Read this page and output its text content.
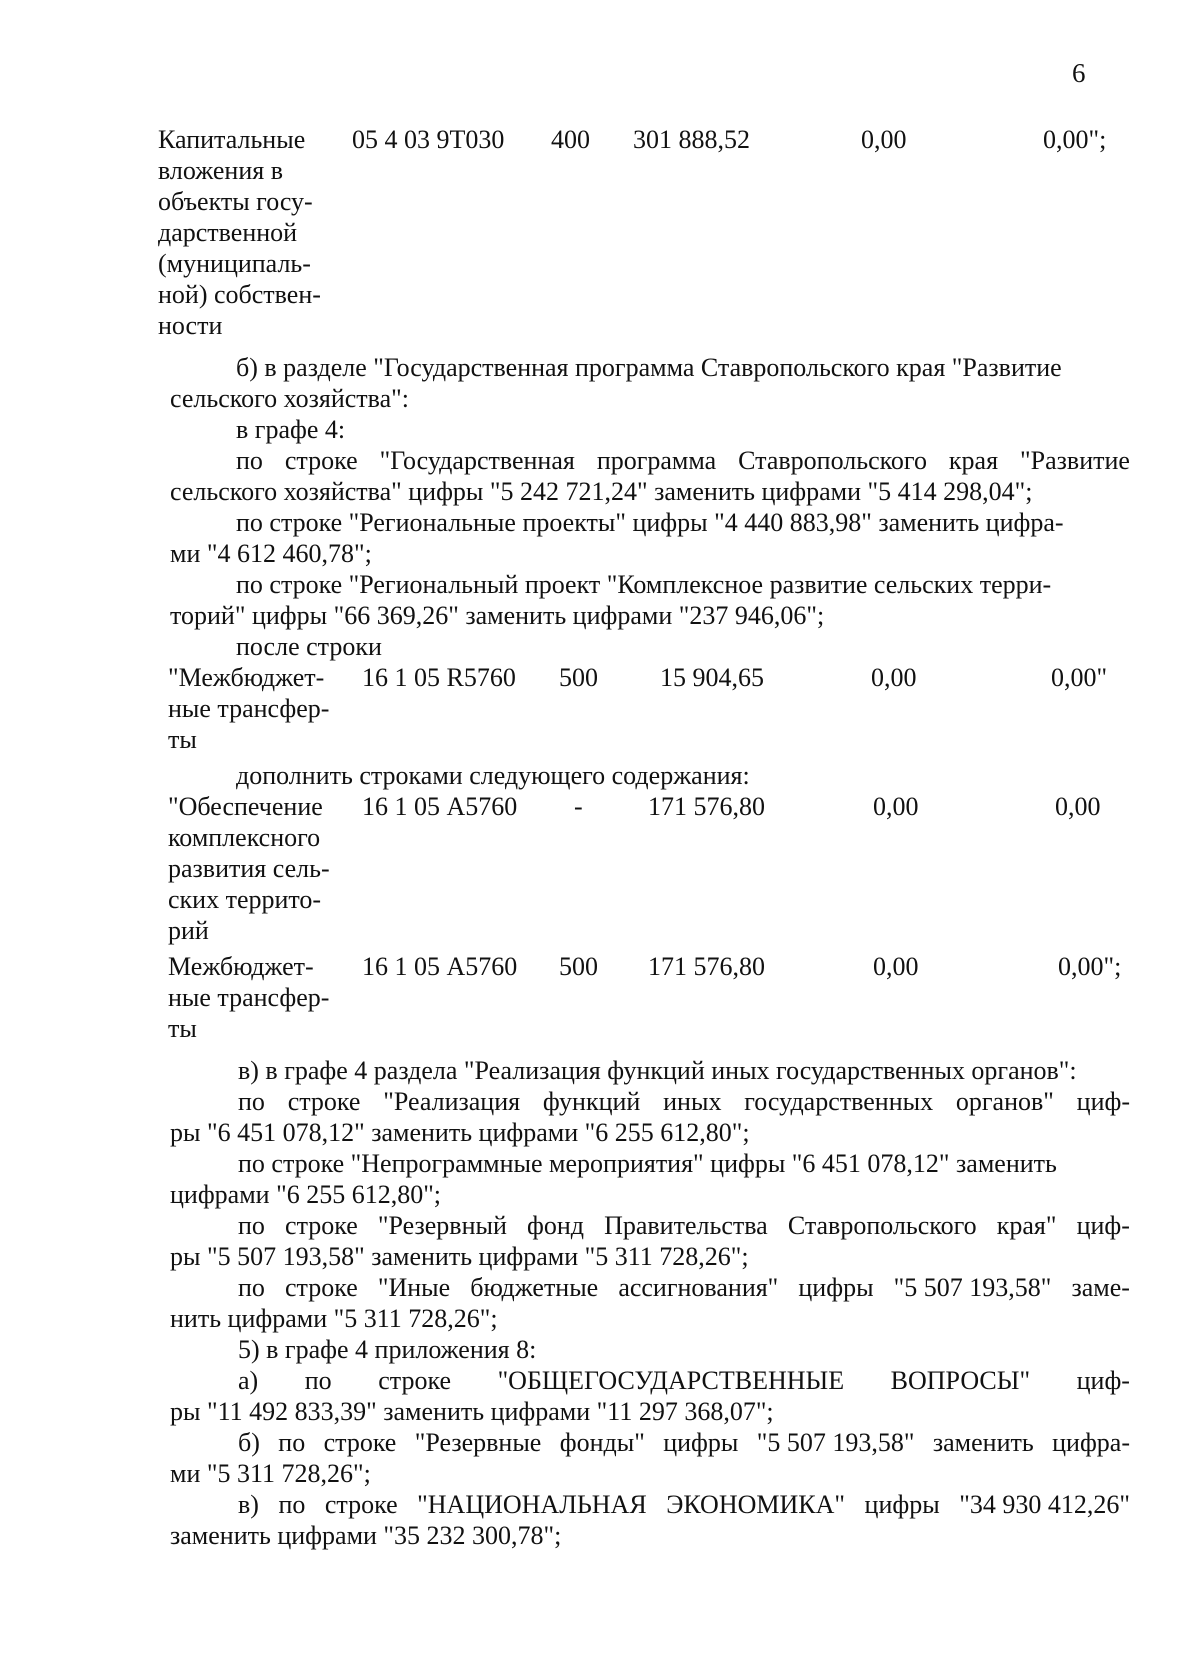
6
Капитальные
вложения в
объекты госу-
дарственной
(муниципаль-
ной) собствен-
ности
05 4 03 9Т030 400 301 888,52	0,00	0,00";
б) в разделе "Государственная программа Ставропольского края "Развитие
сельского хозяйства":
в графе 4:
по строке "Государственная программа Ставропольского края "Развитие
сельского хозяйства" цифры "5 242 721,24" заменить цифрами "5 414 298,04";
по строке "Региональные проекты" цифры "4 440 883,98" заменить цифра-
ми "4 612 460,78";
по строке "Региональный проект "Комплексное развитие сельских терри-
торий" цифры "66 369,26" заменить цифрами "237 946,06";
после строки
"Межбюджет-
ные трансфер-
ты
16 1 05 R5760 500 15 904,65	0,00	0,00"
дополнить строками следующего содержания:
"Обеспечение
комплексного
развития сель-
ских террито-
рий
16 1 05 А5760 -	171 576,80	0,00	0,00
Межбюджет-
ные трансфер-
ты
16 1 05 А5760 500 171 576,80	0,00	0,00";
в) в графе 4 раздела "Реализация функций иных государственных органов":
по строке "Реализация функций иных государственных органов" циф-
ры "6 451 078,12" заменить цифрами "6 255 612,80";
по строке "Непрограммные мероприятия" цифры "6 451 078,12" заменить
цифрами "6 255 612,80";
по строке "Резервный фонд Правительства Ставропольского края" циф-
ры "5 507 193,58" заменить цифрами "5 311 728,26";
по строке "Иные бюджетные ассигнования" цифры "5 507 193,58" заме-
нить цифрами "5 311 728,26";
5) в графе 4 приложения 8:
а) по строке "ОБЩЕГОСУДАРСТВЕННЫЕ ВОПРОСЫ" циф-
ры "11 492 833,39" заменить цифрами "11 297 368,07";
б) по строке "Резервные фонды" цифры "5 507 193,58" заменить цифра-
ми "5 311 728,26";
в) по строке "НАЦИОНАЛЬНАЯ ЭКОНОМИКА" цифры "34 930 412,26"
заменить цифрами "35 232 300,78";
